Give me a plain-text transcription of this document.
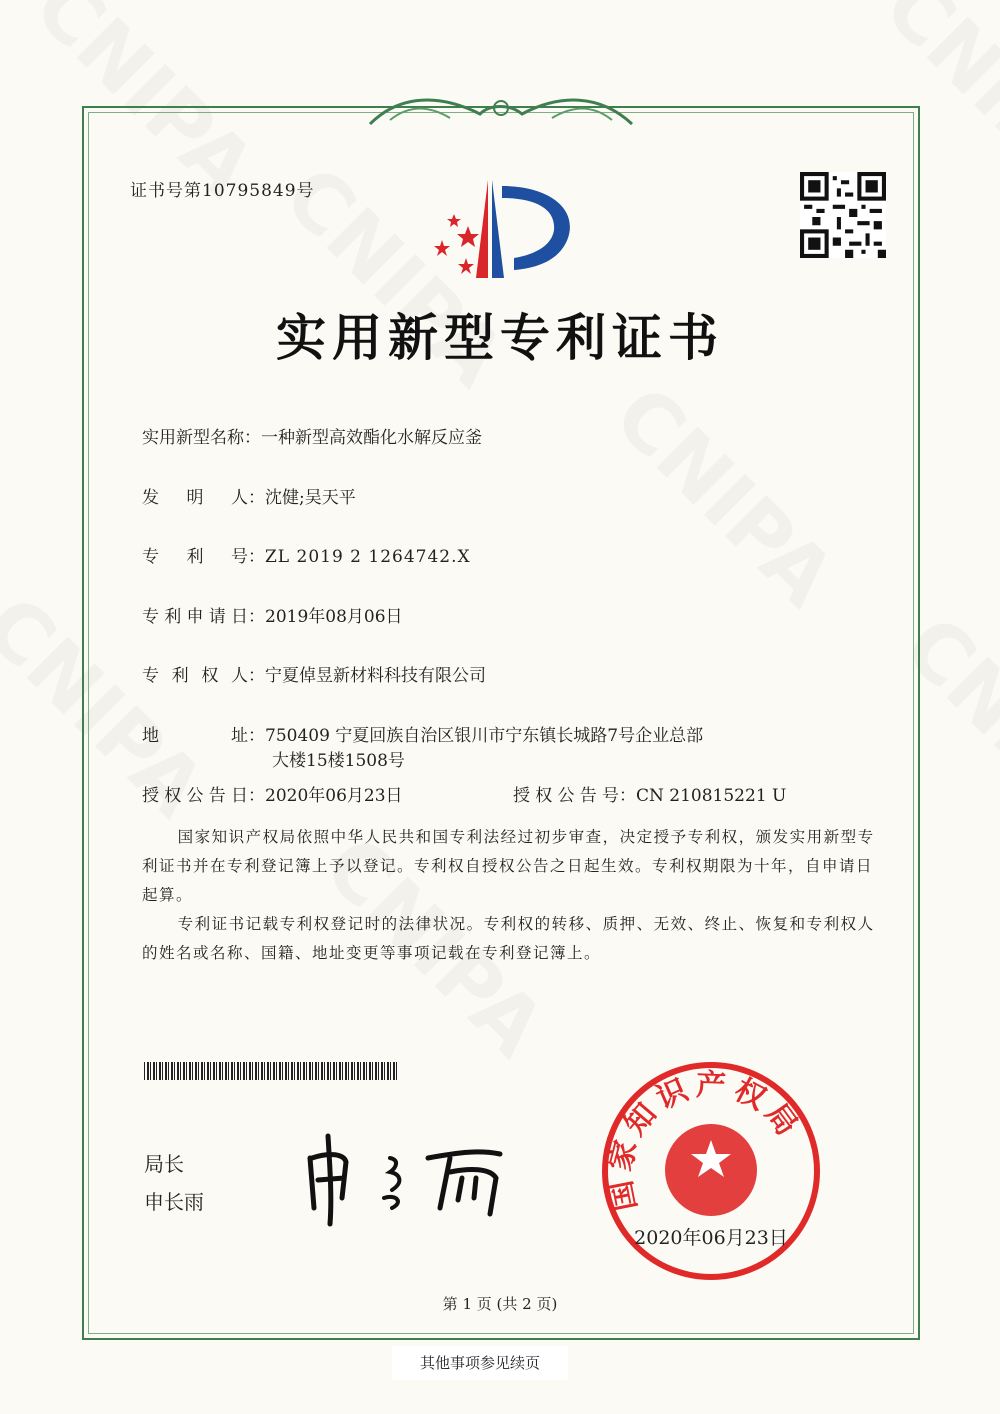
证书号第10795849号
实用新型专利证书
实用新型名称：一种新型高效酯化水解反应釜
发明人：沈健;吴天平
专利号：ZL 2019 2 1264742.X
专利申请日：2019年08月06日
专利权人：宁夏倬昱新材料科技有限公司
地址：750409 宁夏回族自治区银川市宁东镇长城路7号企业总部
大楼15楼1508号
授权公告日：2020年06月23日	授权公告号：CN 210815221 U

国家知识产权局依照中华人民共和国专利法经过初步审查，决定授予专利权，颁发实用新型专利证书并在专利登记簿上予以登记。专利权自授权公告之日起生效。专利权期限为十年，自申请日起算。

专利证书记载专利权登记时的法律状况。专利权的转移、质押、无效、终止、恢复和专利权人的姓名或名称、国籍、地址变更等事项记载在专利登记簿上。

局长
申长雨	国家知识产权局
2020年06月23日
第 1 页 (共 2 页)
其他事项参见续页
